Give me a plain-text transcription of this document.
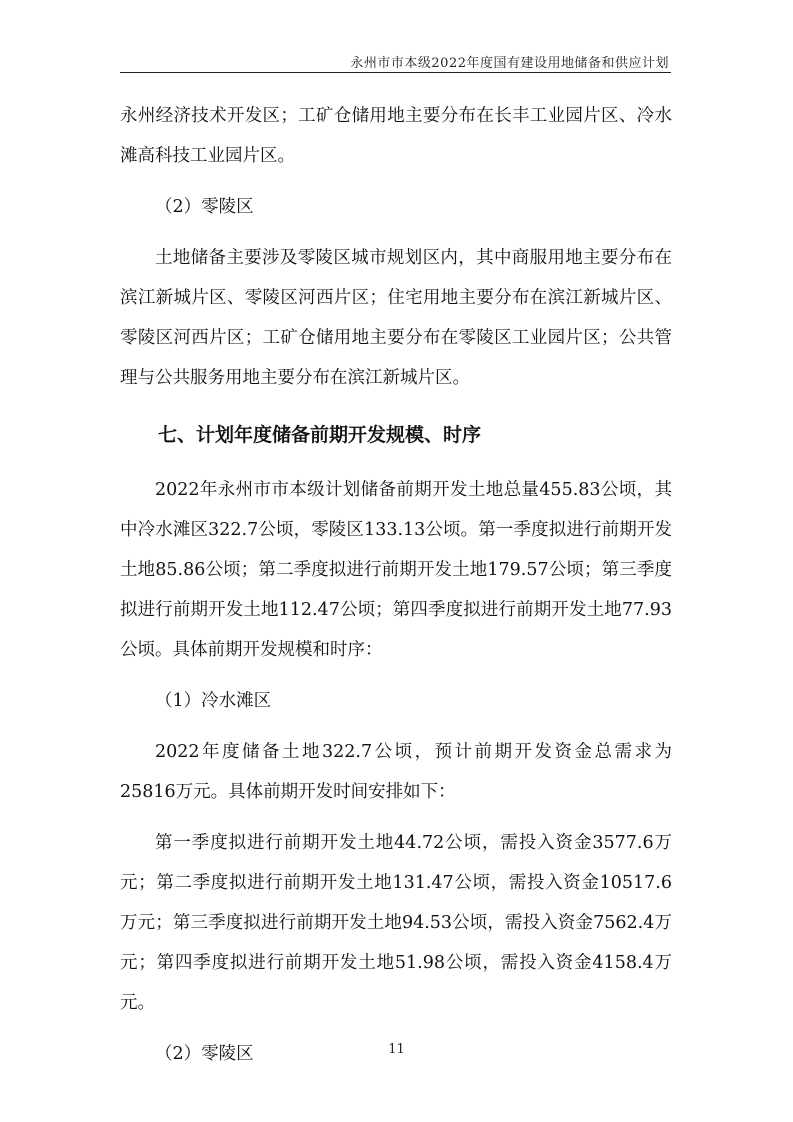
永州市市本级2022年度国有建设用地储备和供应计划

永州经济技术开发区；工矿仓储用地主要分布在长丰工业园片区、冷水滩高科技工业园片区。

（2）零陵区

土地储备主要涉及零陵区城市规划区内，其中商服用地主要分布在滨江新城片区、零陵区河西片区；住宅用地主要分布在滨江新城片区、零陵区河西片区；工矿仓储用地主要分布在零陵区工业园片区；公共管理与公共服务用地主要分布在滨江新城片区。

七、计划年度储备前期开发规模、时序

2022年永州市市本级计划储备前期开发土地总量455.83公顷，其中冷水滩区322.7公顷，零陵区133.13公顷。第一季度拟进行前期开发土地85.86公顷；第二季度拟进行前期开发土地179.57公顷；第三季度拟进行前期开发土地112.47公顷；第四季度拟进行前期开发土地77.93公顷。具体前期开发规模和时序：

（1）冷水滩区

2022年度储备土地322.7公顷，预计前期开发资金总需求为25816万元。具体前期开发时间安排如下：

第一季度拟进行前期开发土地44.72公顷，需投入资金3577.6万元；第二季度拟进行前期开发土地131.47公顷，需投入资金10517.6万元；第三季度拟进行前期开发土地94.53公顷，需投入资金7562.4万元；第四季度拟进行前期开发土地51.98公顷，需投入资金4158.4万元。

（2）零陵区	11
